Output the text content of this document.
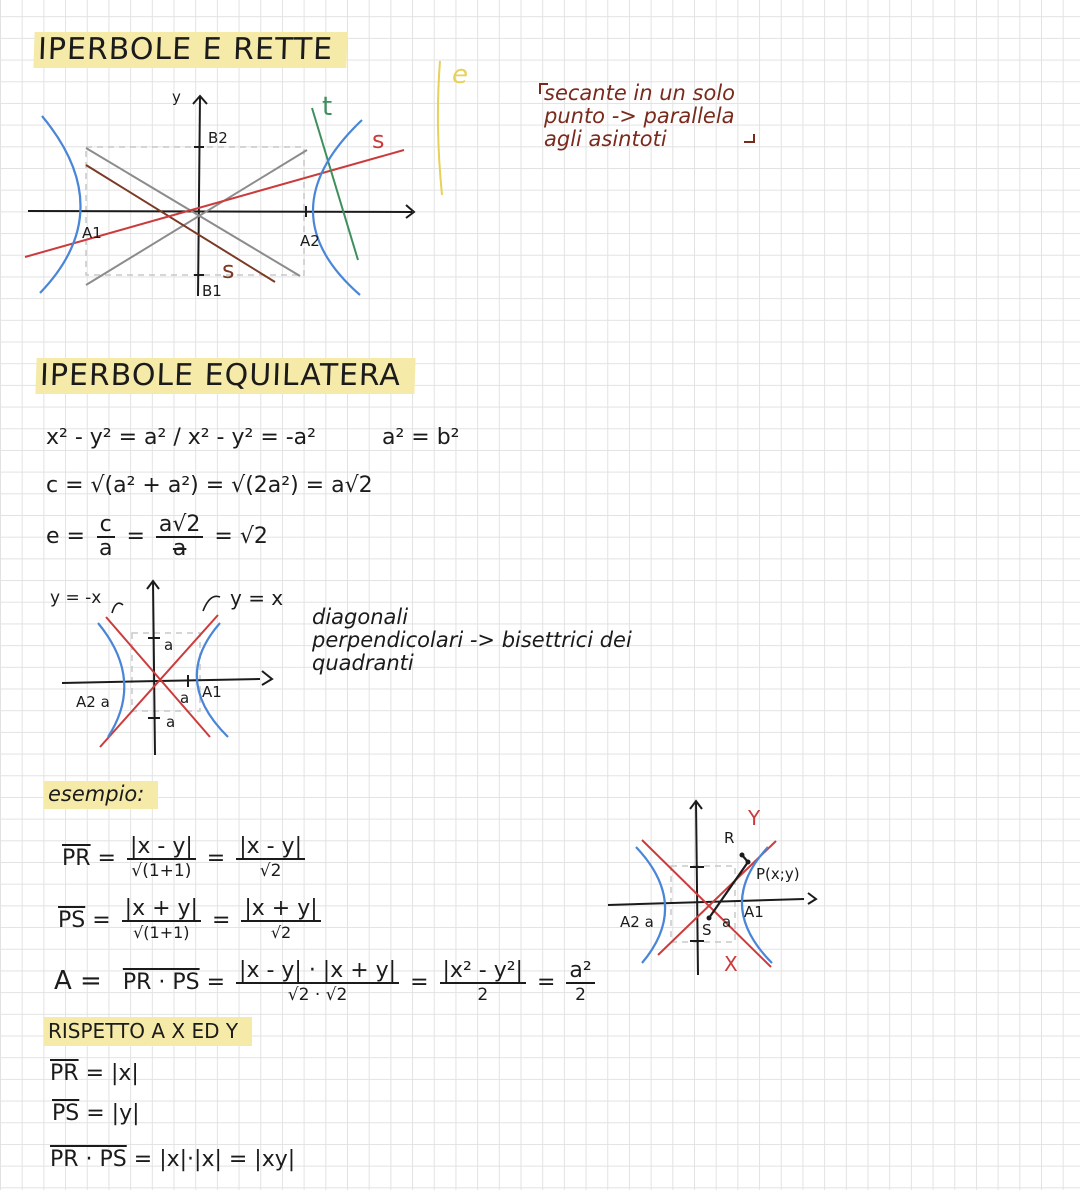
IPERBOLE E RETTE
y
B2
B1
A1	A2
s
s
t
e
secante in un solo
punto -> parallela
agli asintoti
IPERBOLE EQUILATERA
x² - y² = a² / x² - y² = -a²	a² = b²
c = √(a² + a²) = √(2a²) = a√2
$e = \frac{c}{a} = \frac{a√2}{a} = √2$
a
a
A2 a	a A1
y = -x	y = x
diagonali
perpendicolari -> bisettrici dei
quadranti
esempio:
$\overline{PR} = \frac{|x - y|}{√(1+1)} = \frac{|x - y|}{√2}$
$\overline{PS} = \frac{|x + y|}{√(1+1)} = \frac{|x + y|}{√2}$
A = PR · PS = $\frac{|x - y| \cdot |x + y|}{√2 \cdot √2} = \frac{\text{|x² - y²|}}{2} = \frac{\text{a²}}{2}$
R
Y
P(x;y)
A2 a	S a
A1
X
RISPETTO A X ED Y
$\overline{PR} = |x|$
$\overline{PS} = |y|$
PR · PS = |x|·|x| = |xy|
